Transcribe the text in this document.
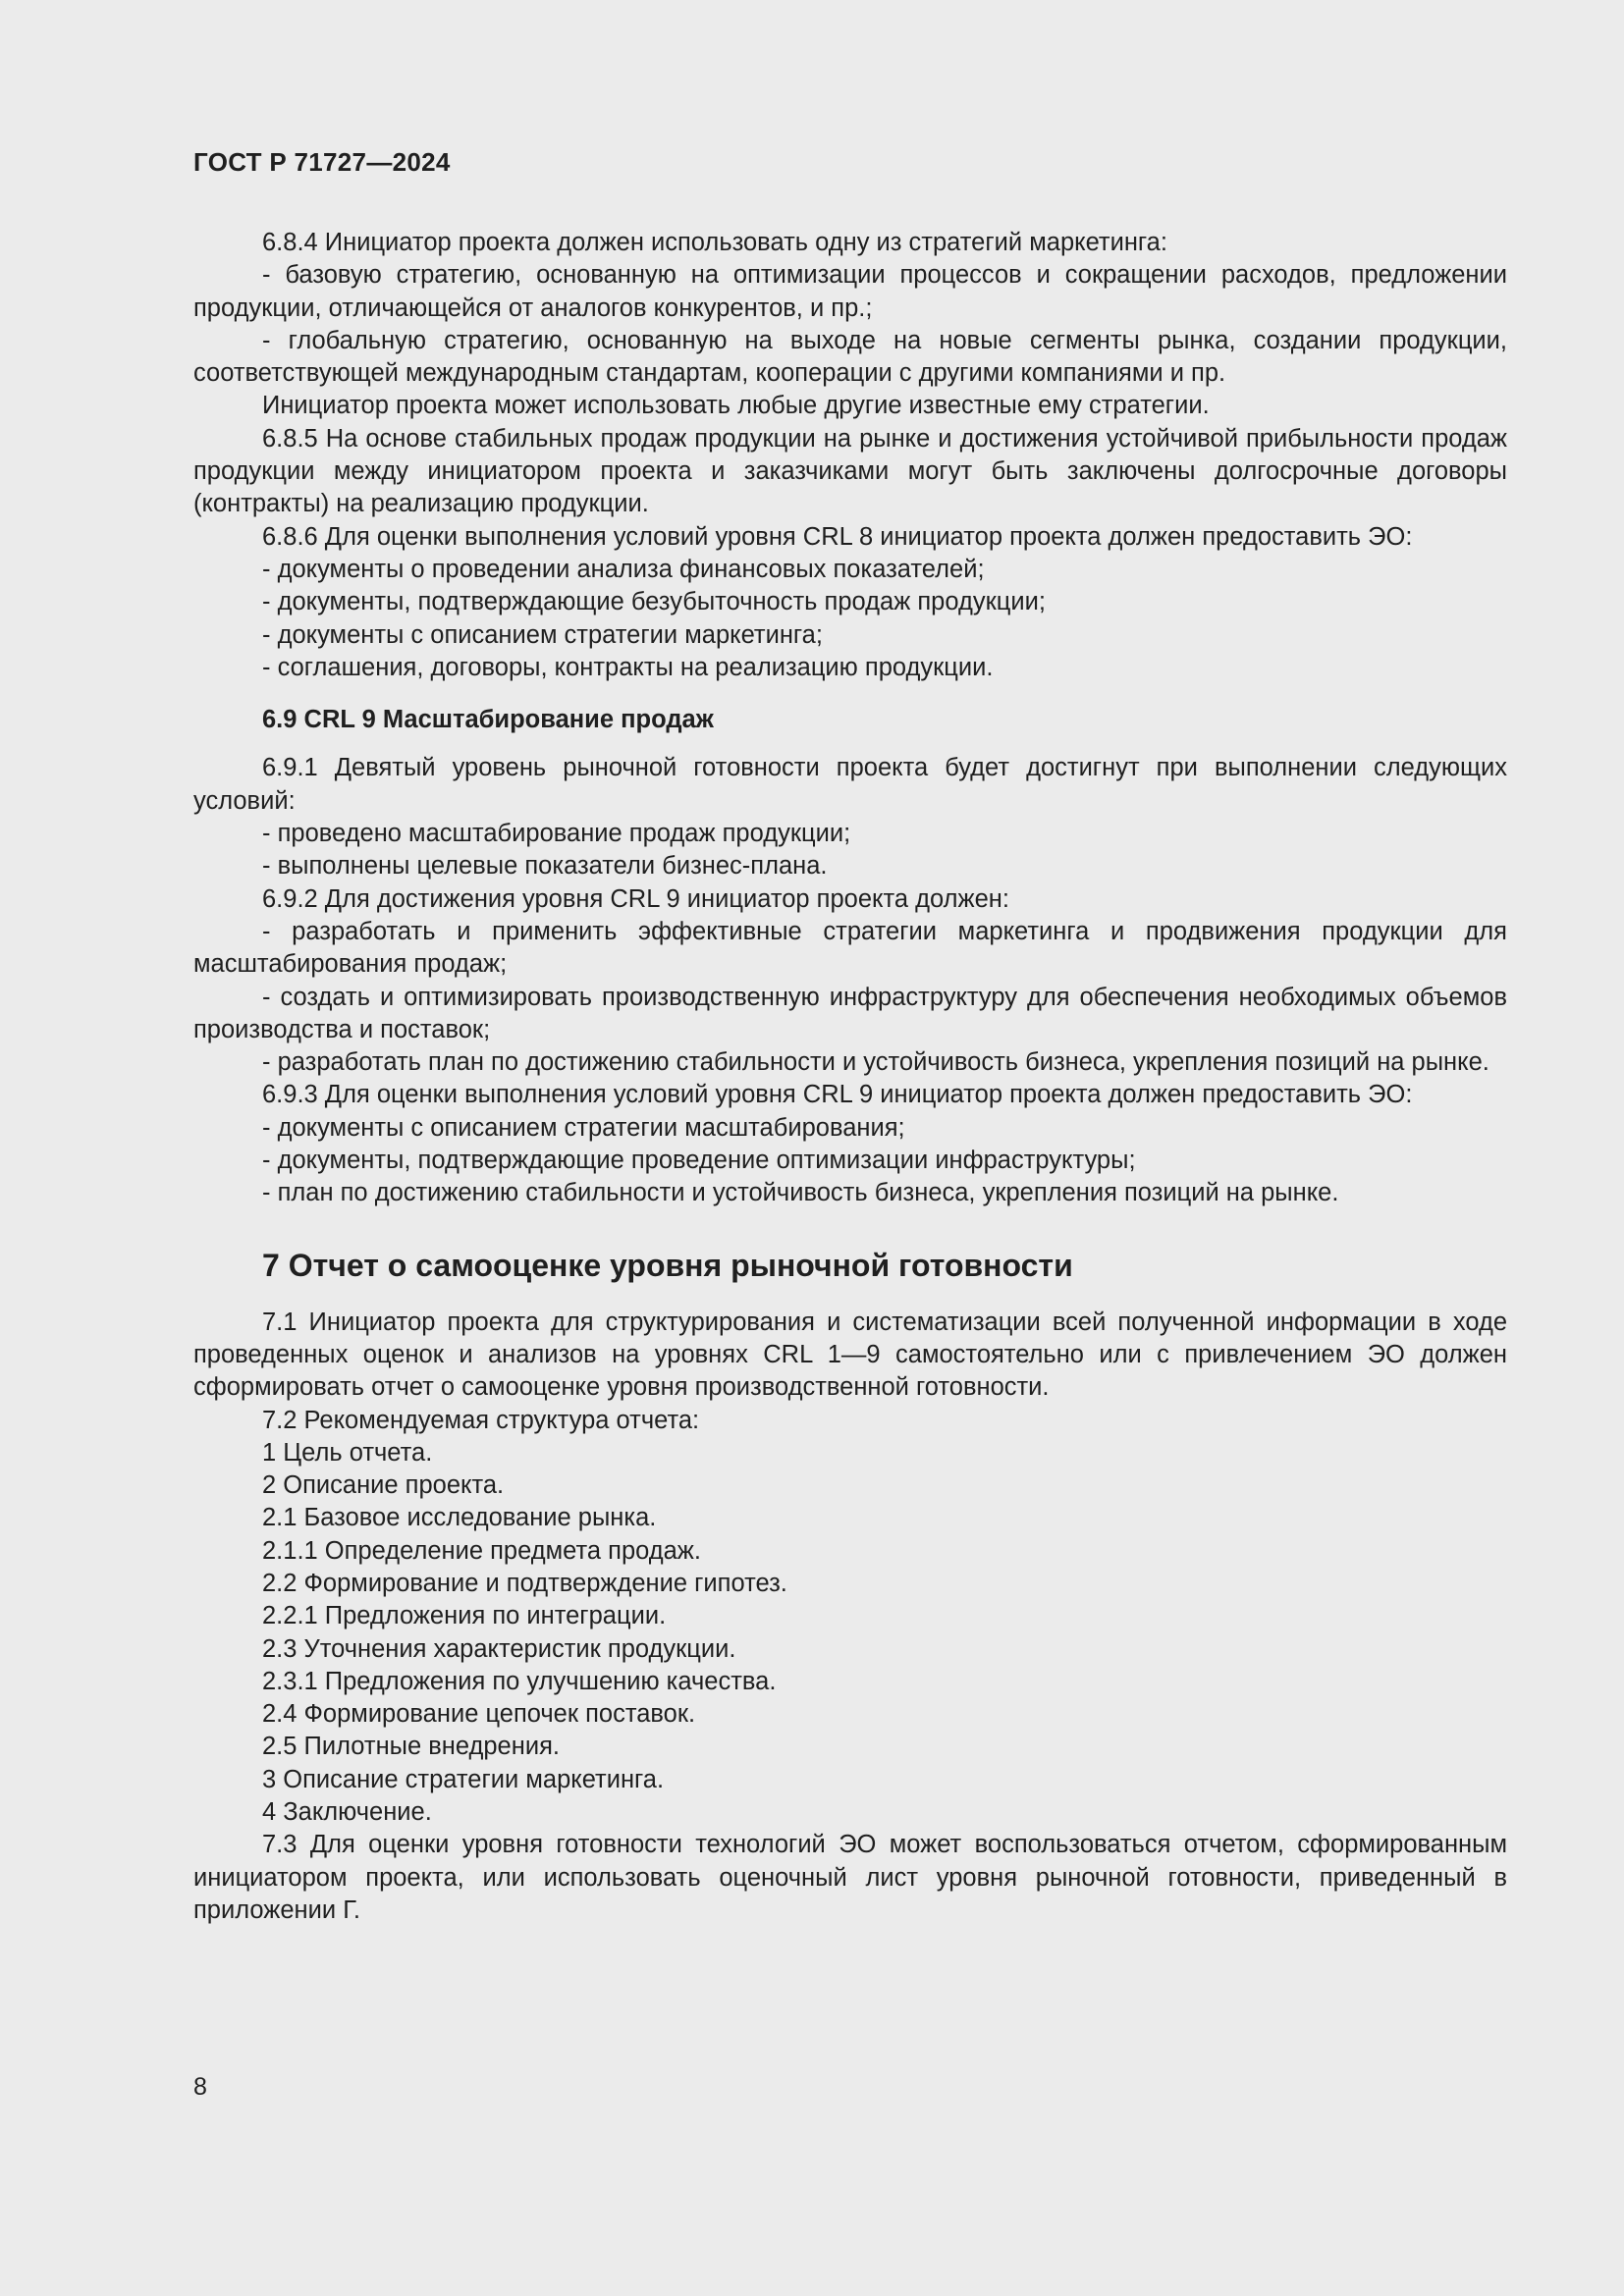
ГОСТ Р 71727—2024

6.8.4 Инициатор проекта должен использовать одну из стратегий маркетинга:

- базовую стратегию, основанную на оптимизации процессов и сокращении расходов, предложении продукции, отличающейся от аналогов конкурентов, и пр.;

- глобальную стратегию, основанную на выходе на новые сегменты рынка, создании продукции, соответствующей международным стандартам, кооперации с другими компаниями и пр.

Инициатор проекта может использовать любые другие известные ему стратегии.

6.8.5 На основе стабильных продаж продукции на рынке и достижения устойчивой прибыльности продаж продукции между инициатором проекта и заказчиками могут быть заключены долгосрочные договоры (контракты) на реализацию продукции.

6.8.6 Для оценки выполнения условий уровня CRL 8 инициатор проекта должен предоставить ЭО:

- документы о проведении анализа финансовых показателей;

- документы, подтверждающие безубыточность продаж продукции;

- документы с описанием стратегии маркетинга;

- соглашения, договоры, контракты на реализацию продукции.

6.9 CRL 9 Масштабирование продаж

6.9.1 Девятый уровень рыночной готовности проекта будет достигнут при выполнении следующих условий:

- проведено масштабирование продаж продукции;

- выполнены целевые показатели бизнес-плана.

6.9.2 Для достижения уровня CRL 9 инициатор проекта должен:

- разработать и применить эффективные стратегии маркетинга и продвижения продукции для масштабирования продаж;

- создать и оптимизировать производственную инфраструктуру для обеспечения необходимых объемов производства и поставок;

- разработать план по достижению стабильности и устойчивость бизнеса, укрепления позиций на рынке.

6.9.3 Для оценки выполнения условий уровня CRL 9 инициатор проекта должен предоставить ЭО:

- документы с описанием стратегии масштабирования;

- документы, подтверждающие проведение оптимизации инфраструктуры;

- план по достижению стабильности и устойчивость бизнеса, укрепления позиций на рынке.

7 Отчет о самооценке уровня рыночной готовности

7.1 Инициатор проекта для структурирования и систематизации всей полученной информации в ходе проведенных оценок и анализов на уровнях CRL 1—9 самостоятельно или с привлечением ЭО должен сформировать отчет о самооценке уровня производственной готовности.

7.2 Рекомендуемая структура отчета:

1 Цель отчета.

2 Описание проекта.

2.1 Базовое исследование рынка.

2.1.1 Определение предмета продаж.

2.2 Формирование и подтверждение гипотез.

2.2.1 Предложения по интеграции.

2.3 Уточнения характеристик продукции.

2.3.1 Предложения по улучшению качества.

2.4 Формирование цепочек поставок.

2.5 Пилотные внедрения.

3 Описание стратегии маркетинга.

4 Заключение.

7.3 Для оценки уровня готовности технологий ЭО может воспользоваться отчетом, сформированным инициатором проекта, или использовать оценочный лист уровня рыночной готовности, приведенный в приложении Г.

8
